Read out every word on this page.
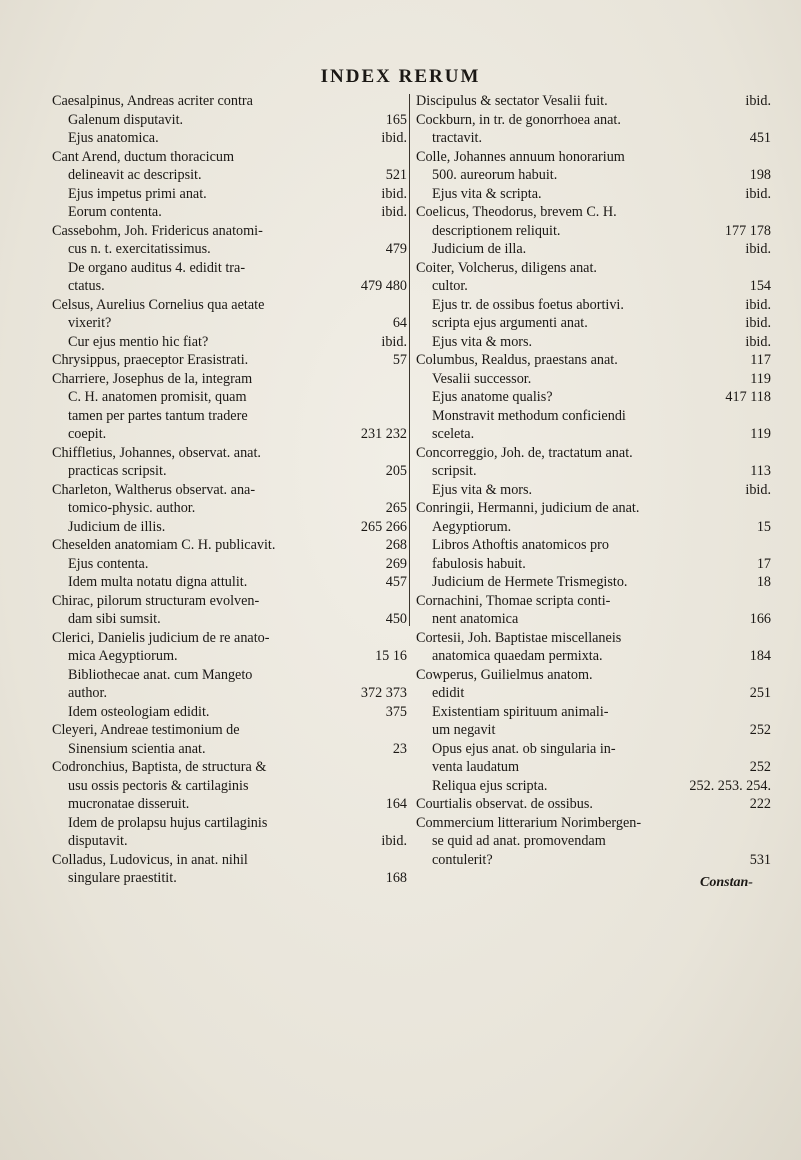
INDEX RERUM
Caesalpinus, Andreas acriter contra
Galenum disputavit.	165
Ejus anatomica.	ibid.
Cant Arend, ductum thoracicum
delineavit ac descripsit.	521
Ejus impetus primi anat.	ibid.
Eorum contenta.	ibid.
Cassebohm, Joh. Fridericus anatomi-
cus n. t. exercitatissimus.	479
De organo auditus 4. edidit tra-
ctatus.	479 480
Celsus, Aurelius Cornelius qua aetate
vixerit?	64
Cur ejus mentio hic fiat?	ibid.
Chrysippus, praeceptor Erasistrati.	57
Charriere, Josephus de la, integram
C. H. anatomen promisit, quam
tamen per partes tantum tradere
coepit.	231 232
Chiffletius, Johannes, observat. anat.
practicas scripsit.	205
Charleton, Waltherus observat. ana-
tomico-physic. author.	265
Judicium de illis.	265 266
Cheselden anatomiam C. H. publicavit.	268
Ejus contenta.	269
Idem multa notatu digna attulit.	457
Chirac, pilorum structuram evolven-
dam sibi sumsit.	450
Clerici, Danielis judicium de re anato-
mica Aegyptiorum.	15 16
Bibliothecae anat. cum Mangeto
author.	372 373
Idem osteologiam edidit.	375
Cleyeri, Andreae testimonium de
Sinensium scientia anat.	23
Codronchius, Baptista, de structura &
usu ossis pectoris & cartilaginis
mucronatae disseruit.	164
Idem de prolapsu hujus cartilaginis
disputavit.	ibid.
Colladus, Ludovicus, in anat. nihil
singulare praestitit.	168
Discipulus & sectator Vesalii fuit.	ibid.
Cockburn, in tr. de gonorrhoea anat.
tractavit.	451
Colle, Johannes annuum honorarium
500. aureorum habuit.	198
Ejus vita & scripta.	ibid.
Coelicus, Theodorus, brevem C. H.
descriptionem reliquit.	177 178
Judicium de illa.	ibid.
Coiter, Volcherus, diligens anat.
cultor.	154
Ejus tr. de ossibus foetus abortivi.	ibid.
scripta ejus argumenti anat.	ibid.
Ejus vita & mors.	ibid.
Columbus, Realdus, praestans anat.	117
Vesalii successor.	119
Ejus anatome qualis?	417 118
Monstravit methodum conficiendi
sceleta.	119
Concorreggio, Joh. de, tractatum anat.
scripsit.	113
Ejus vita & mors.	ibid.
Conringii, Hermanni, judicium de anat.
Aegyptiorum.	15
Libros Athoftis anatomicos pro
fabulosis habuit.	17
Judicium de Hermete Trismegisto.	18
Cornachini, Thomae scripta conti-
nent anatomica	166
Cortesii, Joh. Baptistae miscellaneis
anatomica quaedam permixta.	184
Cowperus, Guilielmus anatom.
edidit	251
Existentiam spirituum animali-
um negavit	252
Opus ejus anat. ob singularia in-
venta laudatum	252
Reliqua ejus scripta.	252. 253. 254.
Courtialis observat. de ossibus.	222
Commercium litterarium Norimbergen-
se quid ad anat. promovendam
contulerit?	531
Constan-
